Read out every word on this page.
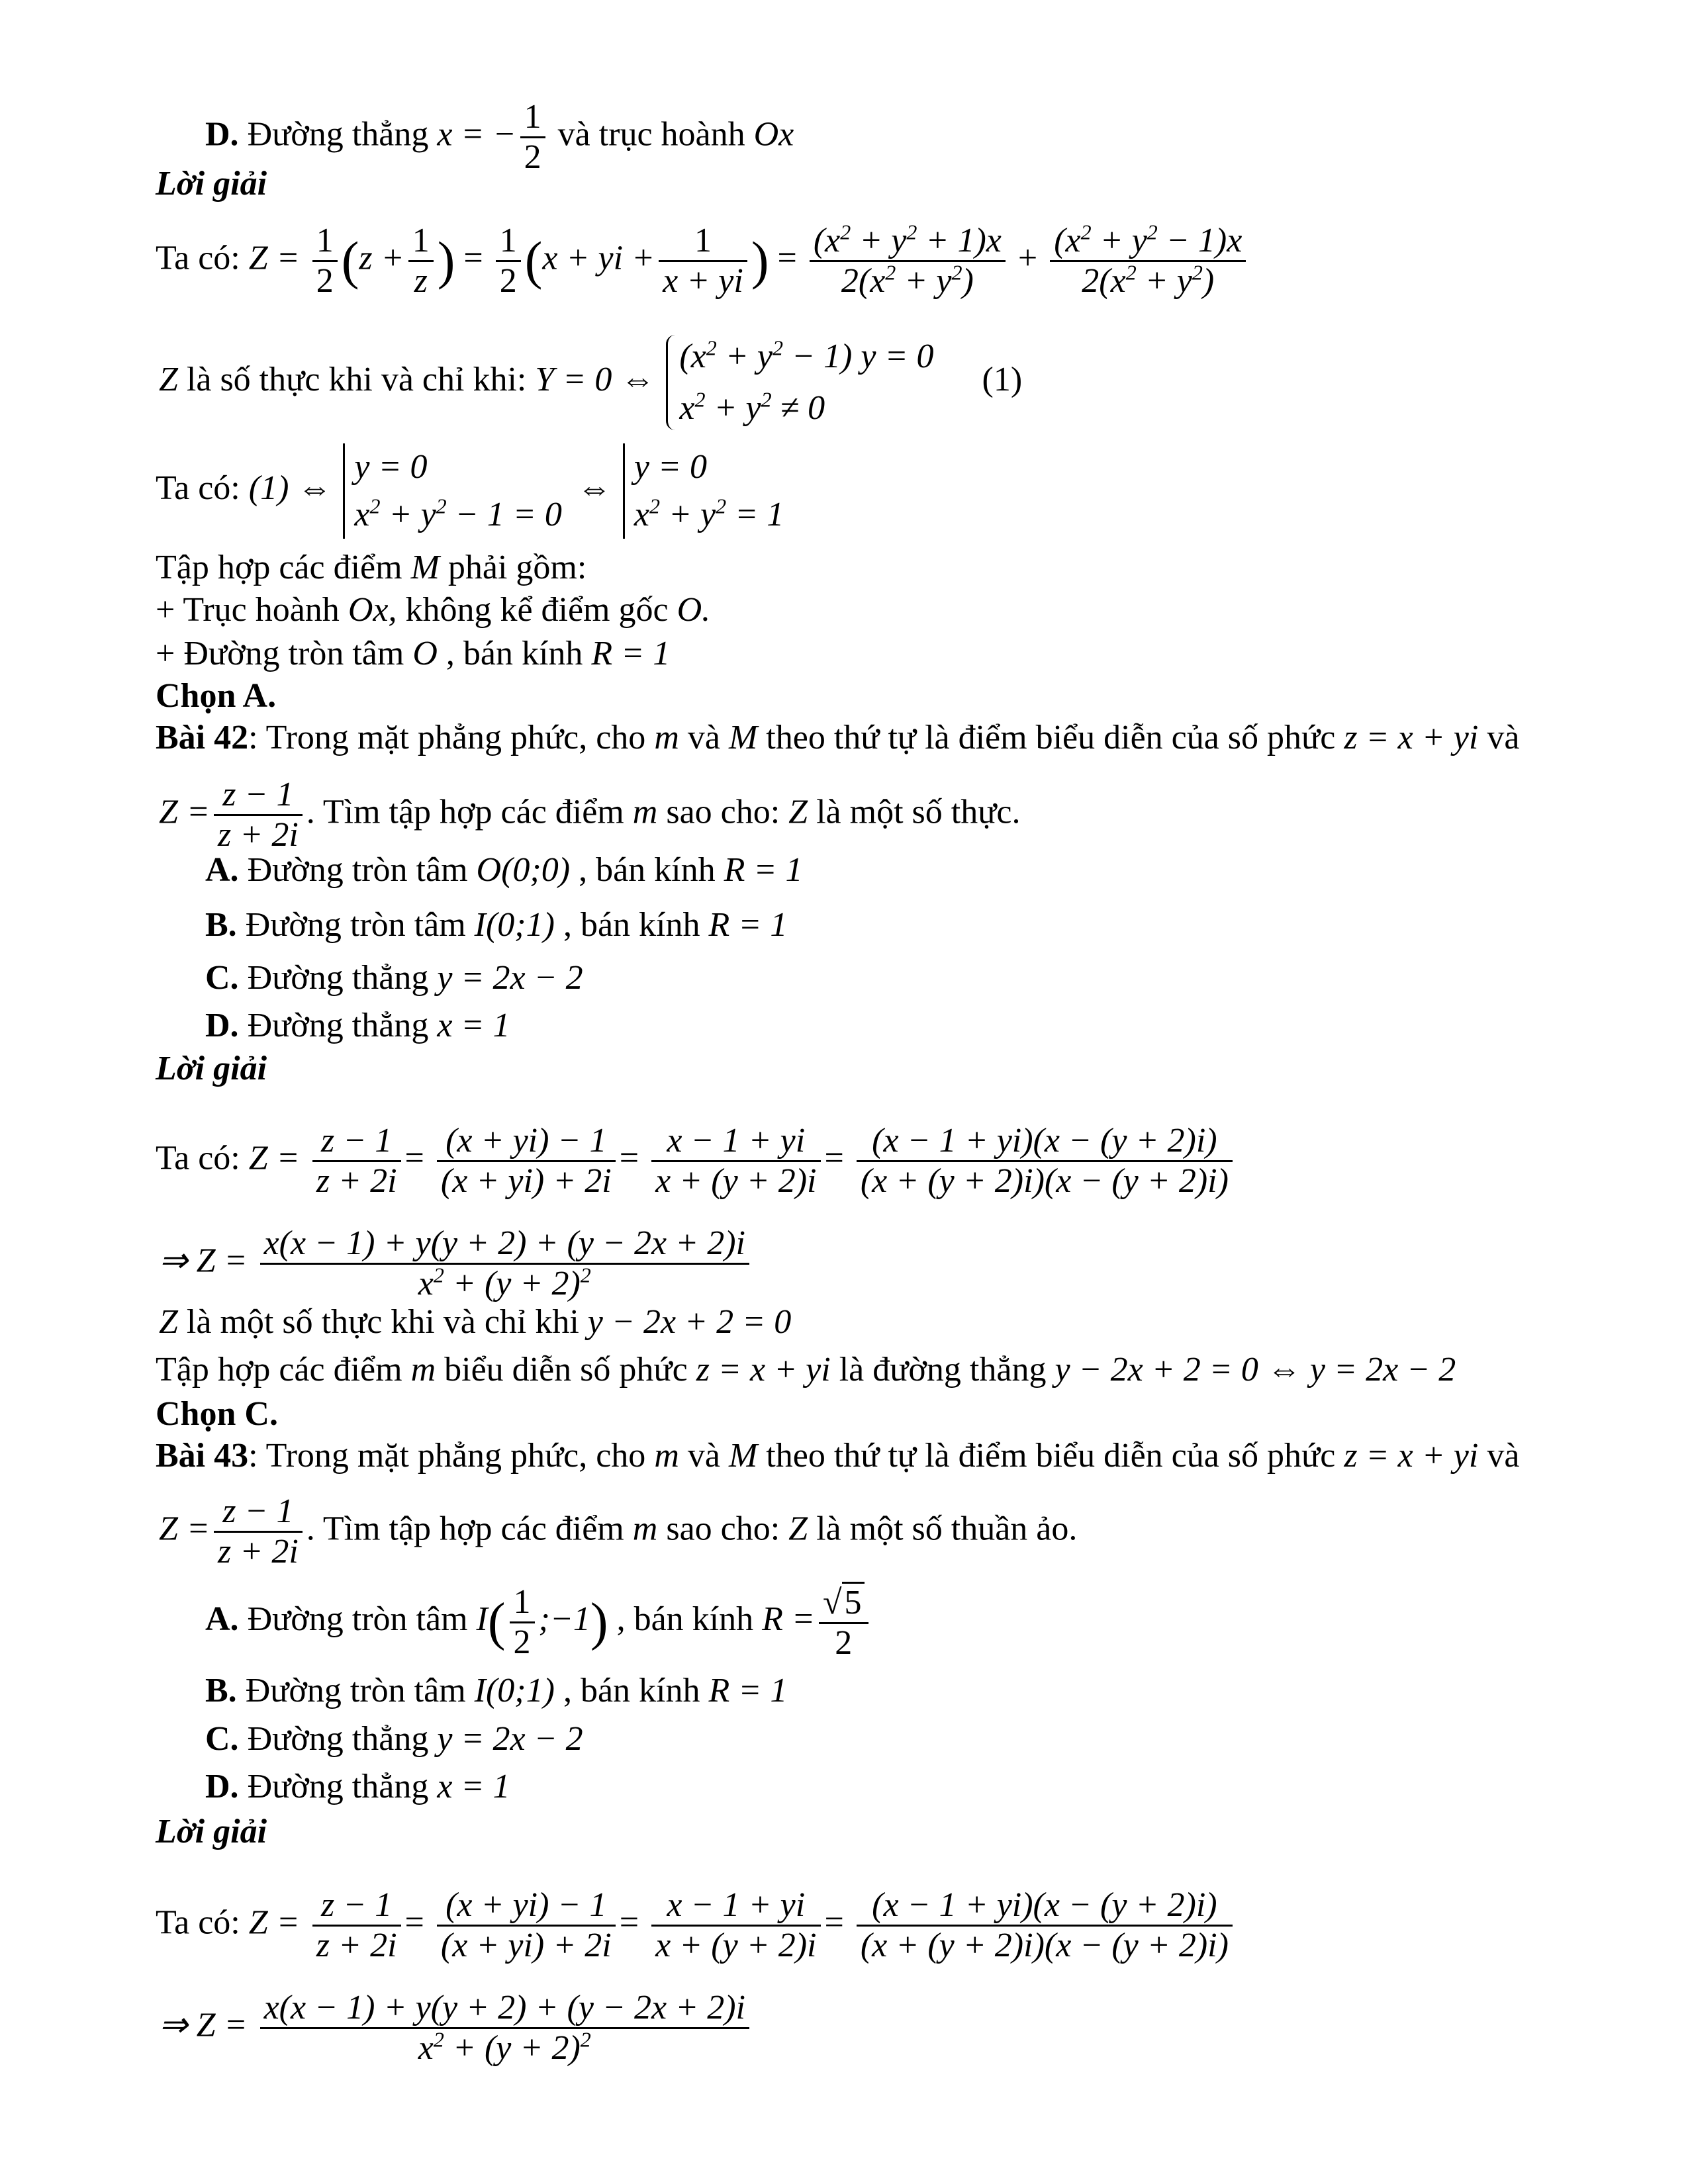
D. Đường thẳng x = − $\frac{1}{2}$ và trục hoành Ox
Lời giải
Ta có: $Z = \frac{1}{2} (z + \frac{1}{z}$ ) = $\frac{1}{2} (x$ + yi + $\frac{1}{x + yi}$ ) = $\frac{(x^2 + y^2 + 1)x}{2(x^2 + y^2)} + \frac{(x^2 + y^2 - 1)x}{2(x^2 + y^2)}$
Z là số thực khi và chỉ khi: Y = 0 ⇔
$(x^2 + y^2 - 1) y = 0$
$x^2 + y^2 \ne 0$
(1)
Ta có: (1) ⇔
y = 0
$x^2 + y^2 - 1 = 0$
⇔
y = 0
$x^2 + y^2 = 1$
Tập hợp các điểm M phải gồm:
+ Trục hoành Ox, không kể điểm gốc O.
+ Đường tròn tâm O , bán kính R = 1
Chọn A.
Bài 42: Trong mặt phẳng phức, cho m và M theo thứ tự là điểm biểu diễn của số phức z = x + yi và
$Z = \frac{z - 1}{z + 2i}$ . Tìm tập hợp các điểm m sao cho: Z là một số thực.
A. Đường tròn tâm O(0;0) , bán kính R = 1
B. Đường tròn tâm I(0;1) , bán kính R = 1
C. Đường thẳng y = 2x − 2
D. Đường thẳng x = 1
Lời giải
Ta có: $Z = \frac{z - 1}{z + 2i} = \frac{(x + yi) - 1}{(x + yi) + 2i} = \frac{x - 1 + yi}{x + (y + 2)i} = \frac{(x - 1 + yi)(x - (y + 2)i)}{(x + (y + 2)i)(x - (y + 2)i)}$
⇒ $Z = \frac{x(x - 1) + y(y + 2) + (y - 2x + 2)i}{x^2 + (y + 2)^2}$
Z là một số thực khi và chỉ khi y − 2x + 2 = 0
Tập hợp các điểm m biểu diễn số phức z = x + yi là đường thẳng y − 2x + 2 = 0 ⇔ y = 2x − 2
Chọn C.
Bài 43: Trong mặt phẳng phức, cho m và M theo thứ tự là điểm biểu diễn của số phức z = x + yi và
$Z = \frac{z - 1}{z + 2i}$ . Tìm tập hợp các điểm m sao cho: Z là một số thuần ảo.
A. Đường tròn tâm $I( \frac{1}{2}$ ;−1) , bán kính $R = \frac{√5}{2}$
B. Đường tròn tâm I(0;1) , bán kính R = 1
C. Đường thẳng y = 2x − 2
D. Đường thẳng x = 1
Lời giải
Ta có: $Z = \frac{z - 1}{z + 2i} = \frac{(x + yi) - 1}{(x + yi) + 2i} = \frac{x - 1 + yi}{x + (y + 2)i} = \frac{(x - 1 + yi)(x - (y + 2)i)}{(x + (y + 2)i)(x - (y + 2)i)}$
⇒ $Z = \frac{x(x - 1) + y(y + 2) + (y - 2x + 2)i}{x^2 + (y + 2)^2}$
